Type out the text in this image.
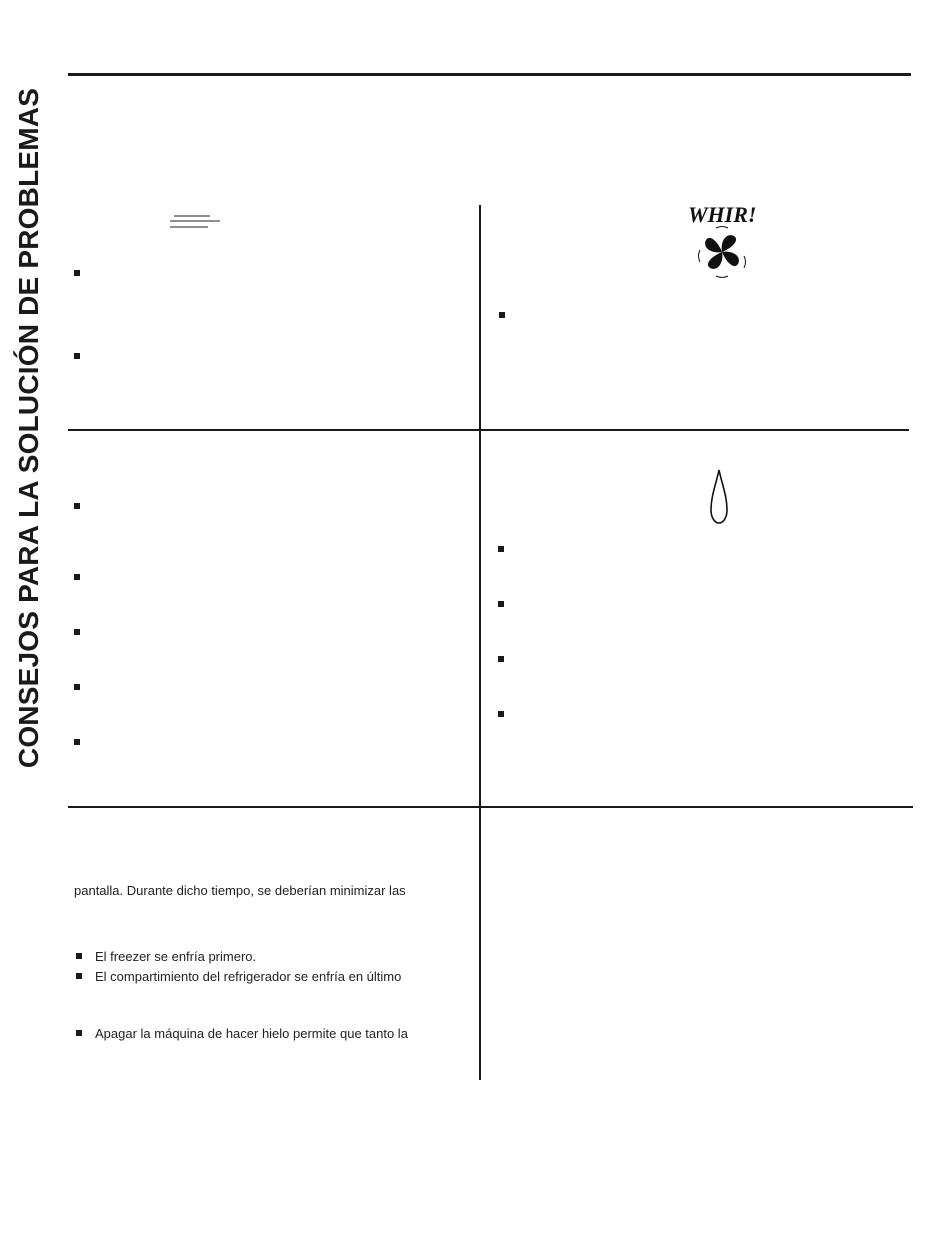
CONSEJOS PARA LA SOLUCIÓN DE PROBLEMAS	WHIR!
pantalla. Durante dicho tiempo, se deberían minimizar las
El freezer se enfría primero.
El compartimiento del refrigerador se enfría en último
Apagar la máquina de hacer hielo permite que tanto la
